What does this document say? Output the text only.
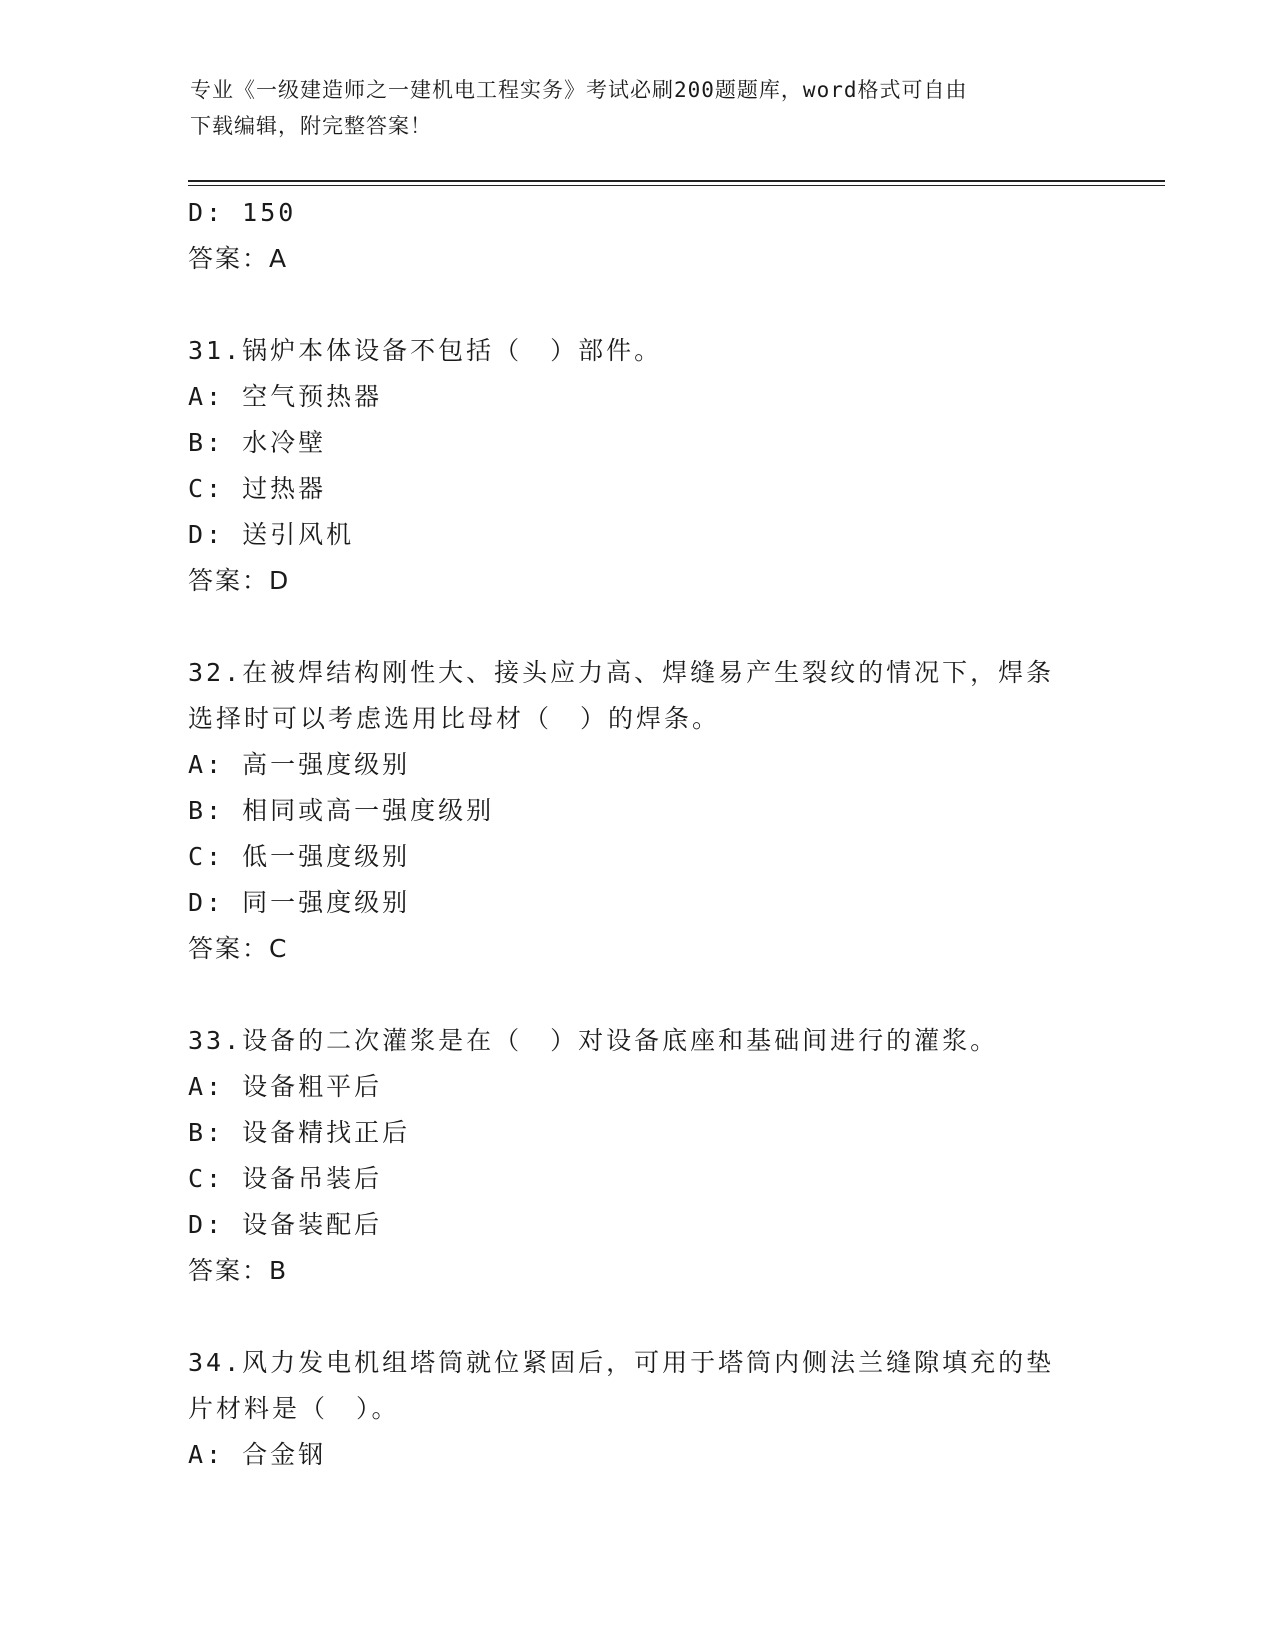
专业《一级建造师之一建机电工程实务》考试必刷200题题库，word格式可自由
下载编辑，附完整答案！
D: 150
答案：A
31.锅炉本体设备不包括（　）部件。
A: 空气预热器
B: 水冷壁
C: 过热器
D: 送引风机
答案：D
32.在被焊结构刚性大、接头应力高、焊缝易产生裂纹的情况下，焊条
选择时可以考虑选用比母材（　）的焊条。
A: 高一强度级别
B: 相同或高一强度级别
C: 低一强度级别
D: 同一强度级别
答案：C
33.设备的二次灌浆是在（　）对设备底座和基础间进行的灌浆。
A: 设备粗平后
B: 设备精找正后
C: 设备吊装后
D: 设备装配后
答案：B
34.风力发电机组塔筒就位紧固后，可用于塔筒内侧法兰缝隙填充的垫
片材料是（　）。
A: 合金钢
